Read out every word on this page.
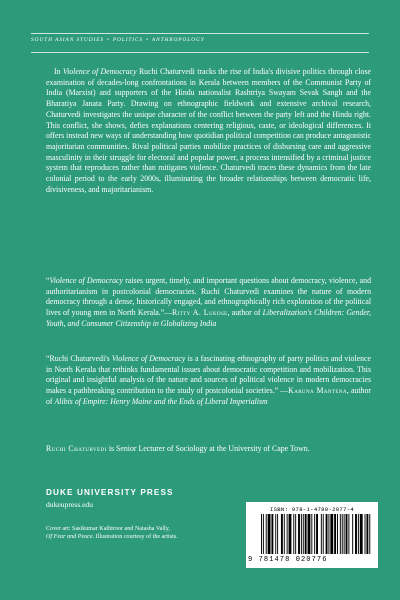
SOUTH ASIAN STUDIES • POLITICS • ANTHROPOLOGY

In Violence of Democracy Ruchi Chaturvedi tracks the rise of India's divisive politics through close examination of decades-long confrontations in Kerala between members of the Communist Party of India (Marxist) and supporters of the Hindu nationalist Rashtriya Swayam Sevak Sangh and the Bharatiya Janata Party. Drawing on ethnographic fieldwork and extensive archival research, Chaturvedi investigates the unique character of the conflict between the party left and the Hindu right. This conflict, she shows, defies explanations centering religious, caste, or ideological differences. It offers instead new ways of understanding how quotidian political competition can produce antagonistic majoritarian communities. Rival political parties mobilize practices of disbursing care and aggressive masculinity in their struggle for electoral and popular power, a process intensified by a criminal justice system that reproduces rather than mitigates violence. Chaturvedi traces these dynamics from the late colonial period to the early 2000s, illuminating the broader relationships between democratic life, divisiveness, and majoritarianism.

“Violence of Democracy raises urgent, timely, and important questions about democracy, violence, and authoritarianism in postcolonial democracies. Ruchi Chaturvedi examines the nature of modern democracy through a dense, historically engaged, and ethnographically rich exploration of the political lives of young men in North Kerala.”—Ritty A. Lukose, author of Liberalization's Children: Gender, Youth, and Consumer Citizenship in Globalizing India

“Ruchi Chaturvedi's Violence of Democracy is a fascinating ethnography of party politics and violence in North Kerala that rethinks fundamental issues about democratic competition and mobilization. This original and insightful analysis of the nature and sources of political violence in modern democracies makes a pathbreaking contribution to the study of postcolonial societies.” —Karuna Mantena, author of Alibis of Empire: Henry Maine and the Ends of Liberal Imperialism

Ruchi Chaturvedi is Senior Lecturer of Sociology at the University of Cape Town.

DUKE UNIVERSITY PRESS
dukeupress.edu

Cover art: Sasikumar Kathiroor and Natasha Vally,
Of Fear and Peace. Illustration courtesy of the artists.

ISBN: 978-1-4780-2077-4
9 781478 020776
